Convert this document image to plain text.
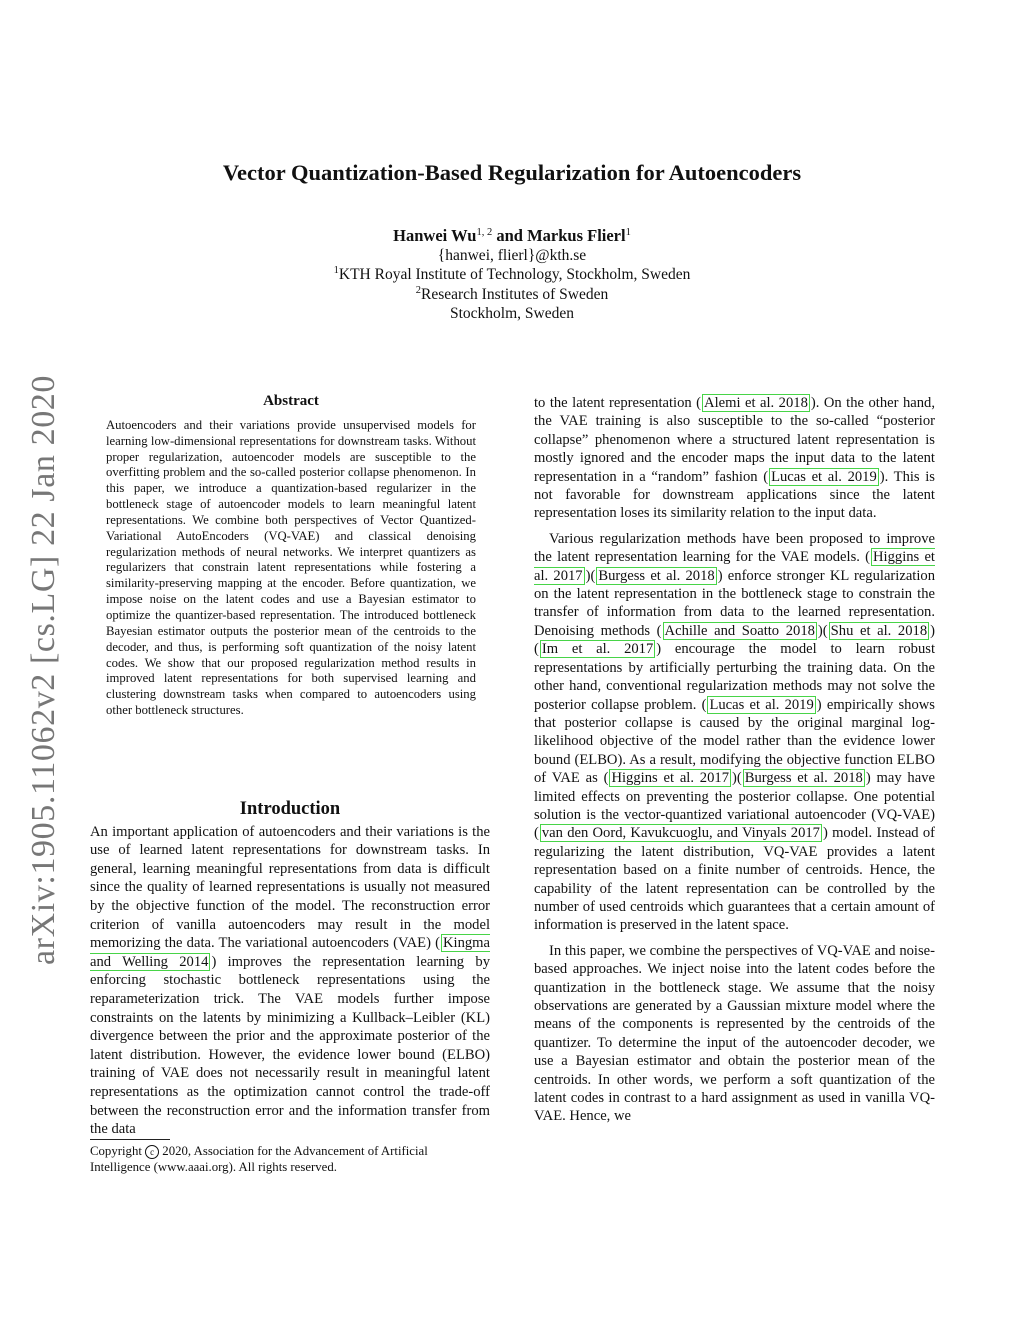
arXiv:1905.11062v2 [cs.LG] 22 Jan 2020
Vector Quantization-Based Regularization for Autoencoders
Hanwei Wu$^{1, 2}$ and Markus Flierl$^1$
{hanwei, flierl}@kth.se
$^1$KTH Royal Institute of Technology, Stockholm, Sweden
$^2$Research Institutes of Sweden
Stockholm, Sweden

Abstract

Autoencoders and their variations provide unsupervised models for learning low-dimensional representations for downstream tasks. Without proper regularization, autoencoder models are susceptible to the overfitting problem and the so-called posterior collapse phenomenon. In this paper, we introduce a quantization-based regularizer in the bottleneck stage of autoencoder models to learn meaningful latent representations. We combine both perspectives of Vector Quantized-Variational AutoEncoders (VQ-VAE) and classical denoising regularization methods of neural networks. We interpret quantizers as regularizers that constrain latent representations while fostering a similarity-preserving mapping at the encoder. Before quantization, we impose noise on the latent codes and use a Bayesian estimator to optimize the quantizer-based representation. The introduced bottleneck Bayesian estimator outputs the posterior mean of the centroids to the decoder, and thus, is performing soft quantization of the noisy latent codes. We show that our proposed regularization method results in improved latent representations for both supervised learning and clustering downstream tasks when compared to autoencoders using other bottleneck structures.

Introduction

An important application of autoencoders and their variations is the use of learned latent representations for downstream tasks. In general, learning meaningful representations from data is difficult since the quality of learned representations is usually not measured by the objective function of the model. The reconstruction error criterion of vanilla autoencoders may result in the model memorizing the data. The variational autoencoders (VAE) ( Kingma and Welling 2014 ) improves the representation learning by enforcing stochastic bottleneck representations using the reparameterization trick. The VAE models further impose constraints on the latents by minimizing a Kullback–Leibler (KL) divergence between the prior and the approximate posterior of the latent distribution. However, the evidence lower bound (ELBO) training of VAE does not necessarily result in meaningful latent representations as the optimization cannot control the trade-off between the reconstruction error and the information transfer from the data

Copyright c 2020, Association for the Advancement of Artificial Intelligence (www.aaai.org). All rights reserved.

to the latent representation ( Alemi et al. 2018 ). On the other hand, the VAE training is also susceptible to the so-called “posterior collapse” phenomenon where a structured latent representation is mostly ignored and the encoder maps the input data to the latent representation in a “random” fashion ( Lucas et al. 2019 ). This is not favorable for downstream applications since the latent representation loses its similarity relation to the input data.

Various regularization methods have been proposed to improve the latent representation learning for the VAE models. ( Higgins et al. 2017 )( Burgess et al. 2018 ) enforce stronger KL regularization on the latent representation in the bottleneck stage to constrain the transfer of information from data to the learned representation. Denoising methods ( Achille and Soatto 2018 )( Shu et al. 2018 )( Im et al. 2017 ) encourage the model to learn robust representations by artificially perturbing the training data. On the other hand, conventional regularization methods may not solve the posterior collapse problem. ( Lucas et al. 2019 ) empirically shows that posterior collapse is caused by the original marginal log-likelihood objective of the model rather than the evidence lower bound (ELBO). As a result, modifying the objective function ELBO of VAE as ( Higgins et al. 2017 )( Burgess et al. 2018 ) may have limited effects on preventing the posterior collapse. One potential solution is the vector-quantized variational autoencoder (VQ-VAE) ( van den Oord, Kavukcuoglu, and Vinyals 2017 ) model. Instead of regularizing the latent distribution, VQ-VAE provides a latent representation based on a finite number of centroids. Hence, the capability of the latent representation can be controlled by the number of used centroids which guarantees that a certain amount of information is preserved in the latent space.

In this paper, we combine the perspectives of VQ-VAE and noise-based approaches. We inject noise into the latent codes before the quantization in the bottleneck stage. We assume that the noisy observations are generated by a Gaussian mixture model where the means of the components is represented by the centroids of the quantizer. To determine the input of the autoencoder decoder, we use a Bayesian estimator and obtain the posterior mean of the centroids. In other words, we perform a soft quantization of the latent codes in contrast to a hard assignment as used in vanilla VQ-VAE. Hence, we
